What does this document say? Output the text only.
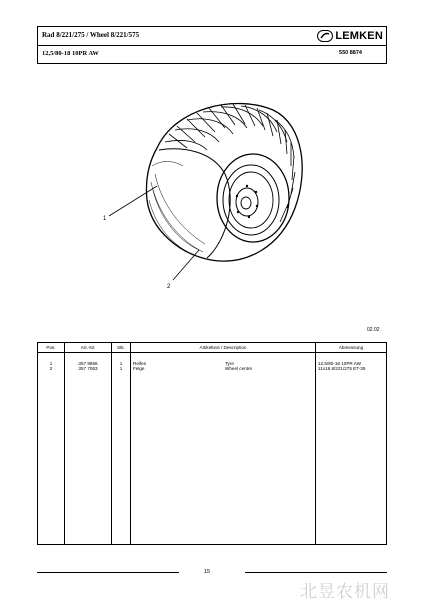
Rad 8/221/275 / Wheel 8/221/575	LEMKEN
12,5/80-18 10PR AW	550 8874
1
2
02.02
Pos.	Art.-Nr.	Stk.	Artikeltext / Description	Abmessung

1	357 8866	1	Reifen Tyre	12,5/80-18 10PR AW
2	357 7063	1	Felge Wheel centre	11x18 8/221/275 ET-35

15
北昱农机网
